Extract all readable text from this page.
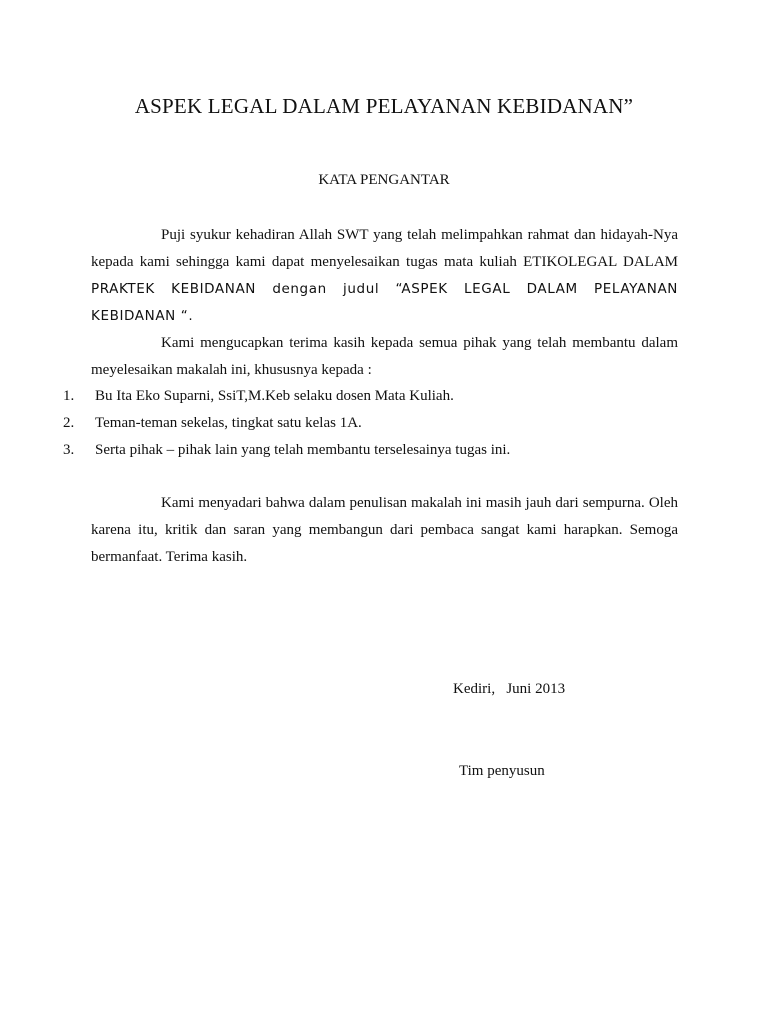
ASPEK LEGAL DALAM PELAYANAN KEBIDANAN”
KATA PENGANTAR

Puji syukur kehadiran Allah SWT yang telah melimpahkan rahmat dan hidayah-Nya kepada kami sehingga kami dapat menyelesaikan tugas mata kuliah ETIKOLEGAL DALAM PRAKTEK KEBIDANAN dengan judul “ASPEK LEGAL DALAM PELAYANAN KEBIDANAN “.

Kami mengucapkan terima kasih kepada semua pihak yang telah membantu dalam meyelesaikan makalah ini, khususnya kepada :

1. Bu Ita Eko Suparni, SsiT,M.Keb selaku dosen Mata Kuliah.
2. Teman-teman sekelas, tingkat satu kelas 1A.
3. Serta pihak – pihak lain yang telah membantu terselesainya tugas ini.

Kami menyadari bahwa dalam penulisan makalah ini masih jauh dari sempurna. Oleh karena itu, kritik dan saran yang membangun dari pembaca sangat kami harapkan. Semoga bermanfaat. Terima kasih.

Kediri,   Juni 2013
Tim penyusun
